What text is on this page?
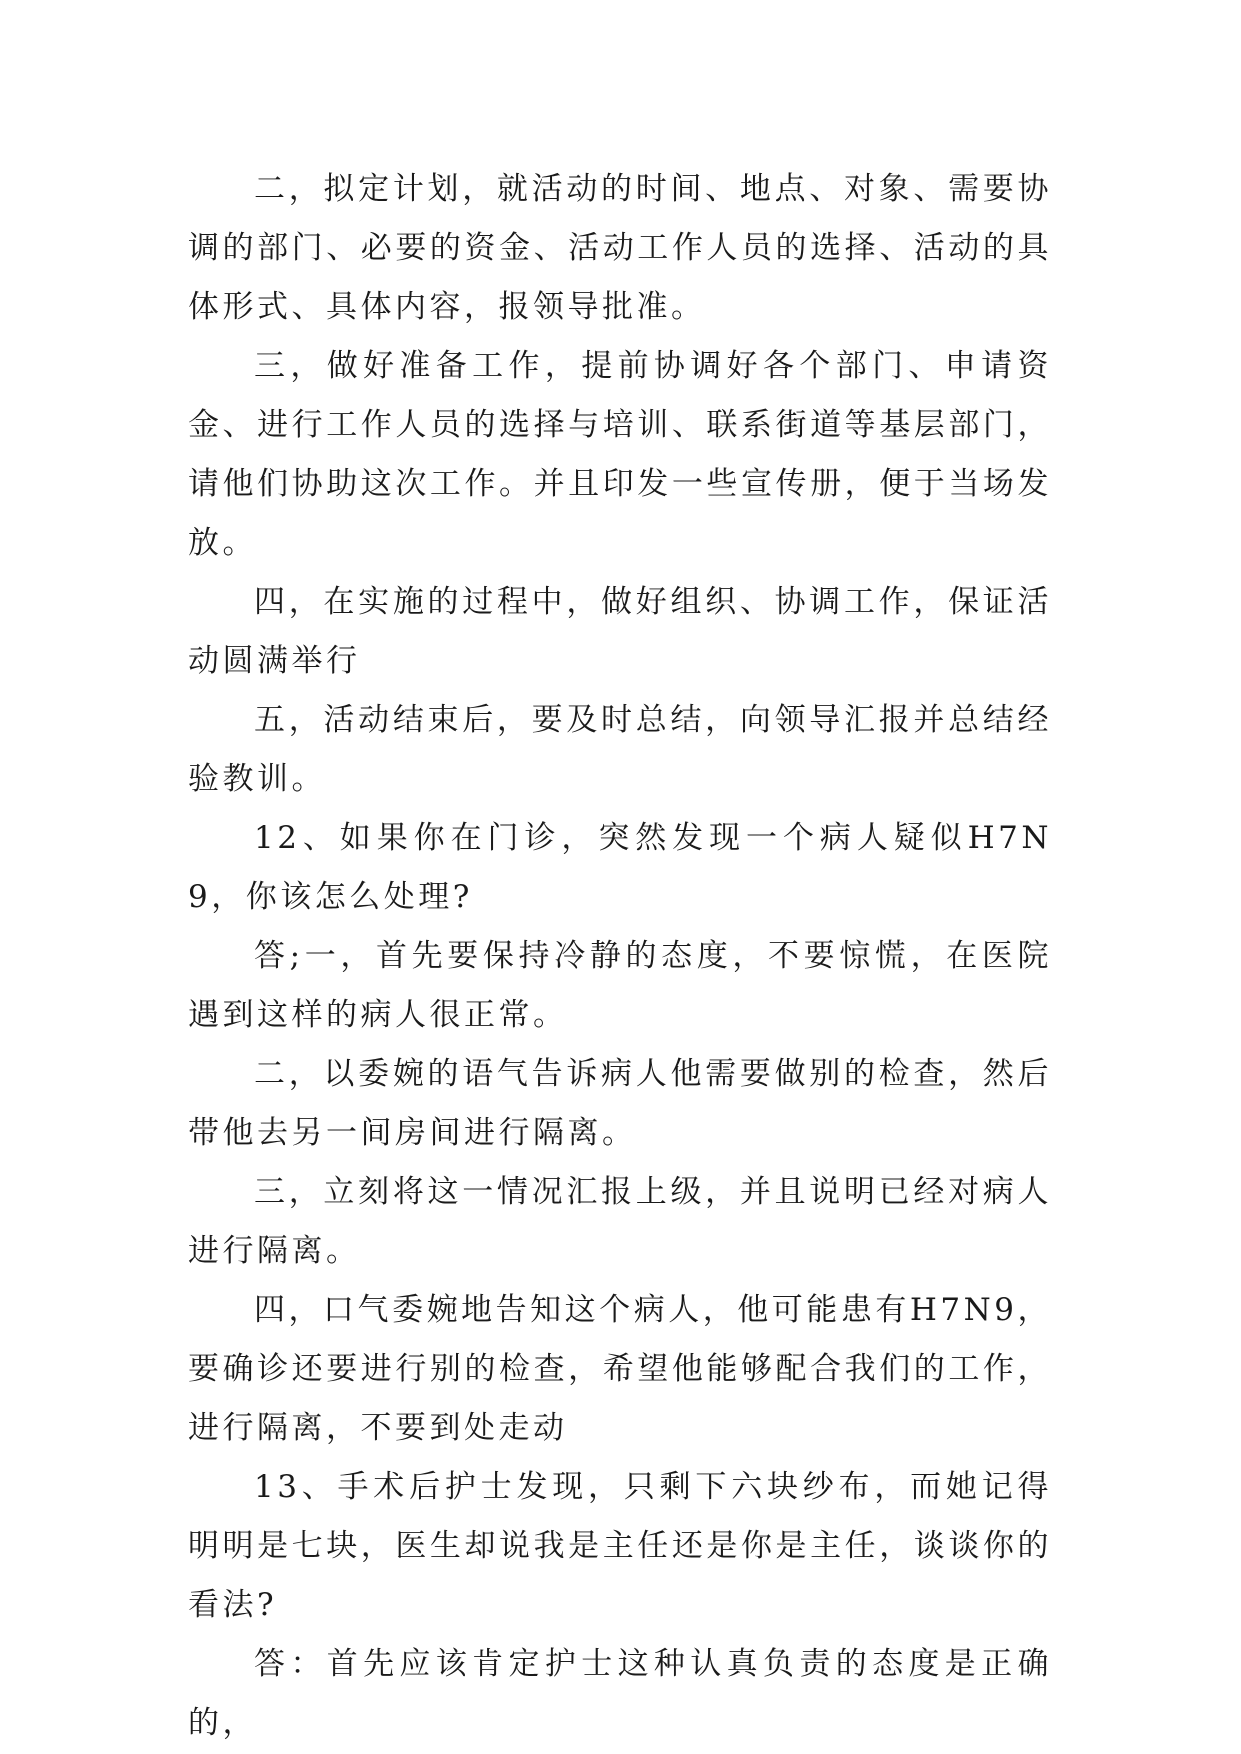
二，拟定计划，就活动的时间、地点、对象、需要协调的部门、必要的资金、活动工作人员的选择、活动的具体形式、具体内容，报领导批准。

三，做好准备工作，提前协调好各个部门、申请资金、进行工作人员的选择与培训、联系街道等基层部门，请他们协助这次工作。并且印发一些宣传册，便于当场发放。

四，在实施的过程中，做好组织、协调工作，保证活动圆满举行

五，活动结束后，要及时总结，向领导汇报并总结经验教训。

12、如果你在门诊，突然发现一个病人疑似H7N9，你该怎么处理?

答;一，首先要保持冷静的态度，不要惊慌，在医院遇到这样的病人很正常。

二，以委婉的语气告诉病人他需要做别的检查，然后带他去另一间房间进行隔离。

三，立刻将这一情况汇报上级，并且说明已经对病人进行隔离。

四，口气委婉地告知这个病人，他可能患有H7N9，要确诊还要进行别的检查，希望他能够配合我们的工作，进行隔离，不要到处走动

13、手术后护士发现，只剩下六块纱布，而她记得明明是七块，医生却说我是主任还是你是主任，谈谈你的看法?

答：首先应该肯定护士这种认真负责的态度是正确的，
